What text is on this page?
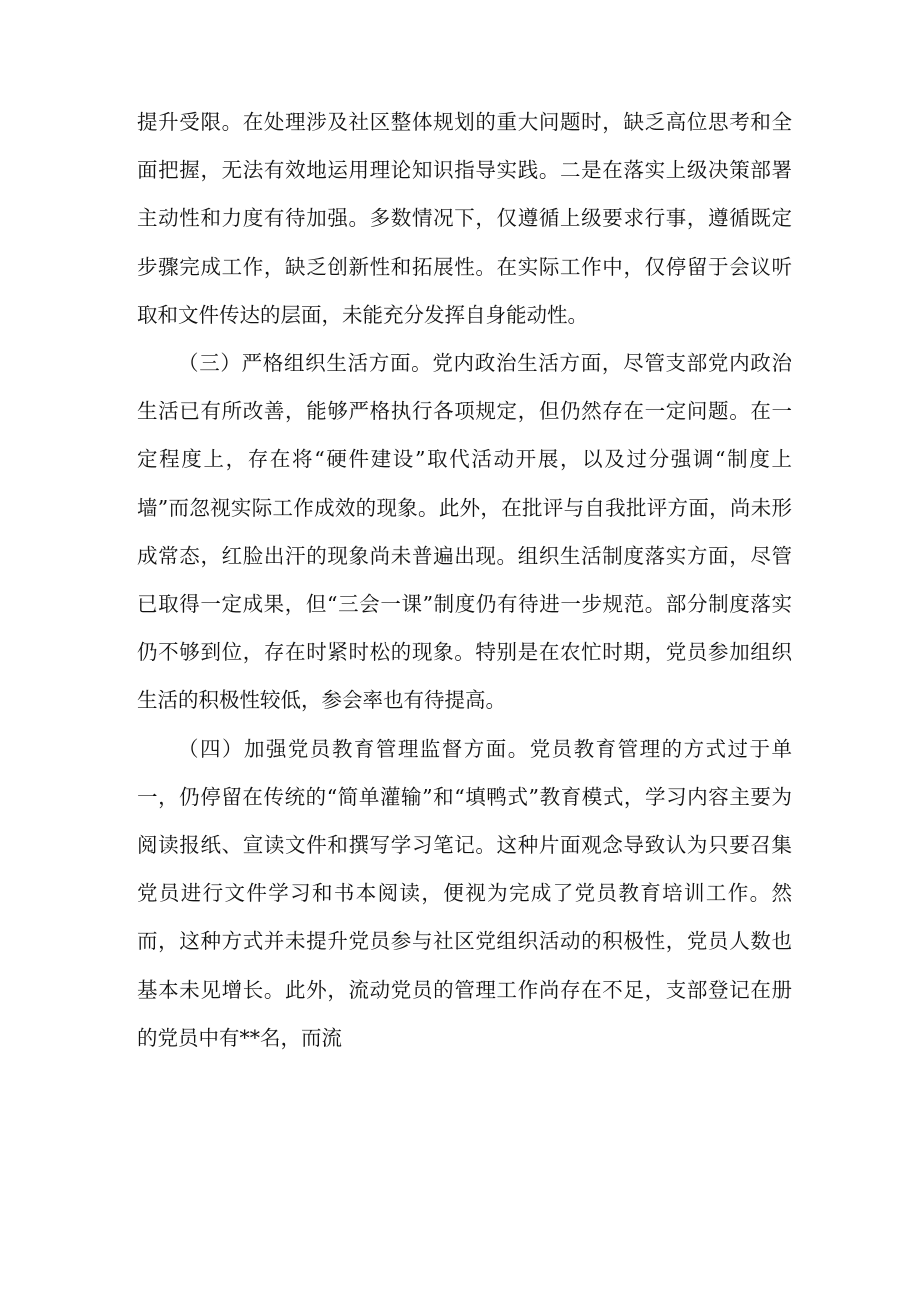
提升受限。在处理涉及社区整体规划的重大问题时，缺乏高位思考和全面把握，无法有效地运用理论知识指导实践。二是在落实上级决策部署主动性和力度有待加强。多数情况下，仅遵循上级要求行事，遵循既定步骤完成工作，缺乏创新性和拓展性。在实际工作中，仅停留于会议听取和文件传达的层面，未能充分发挥自身能动性。

（三）严格组织生活方面。党内政治生活方面，尽管支部党内政治生活已有所改善，能够严格执行各项规定，但仍然存在一定问题。在一定程度上，存在将“硬件建设”取代活动开展，以及过分强调“制度上墙”而忽视实际工作成效的现象。此外，在批评与自我批评方面，尚未形成常态，红脸出汗的现象尚未普遍出现。组织生活制度落实方面，尽管已取得一定成果，但“三会一课”制度仍有待进一步规范。部分制度落实仍不够到位，存在时紧时松的现象。特别是在农忙时期，党员参加组织生活的积极性较低，参会率也有待提高。

（四）加强党员教育管理监督方面。党员教育管理的方式过于单一，仍停留在传统的“简单灌输”和“填鸭式”教育模式，学习内容主要为阅读报纸、宣读文件和撰写学习笔记。这种片面观念导致认为只要召集党员进行文件学习和书本阅读，便视为完成了党员教育培训工作。然而，这种方式并未提升党员参与社区党组织活动的积极性，党员人数也基本未见增长。此外，流动党员的管理工作尚存在不足，支部登记在册的党员中有**名，而流
